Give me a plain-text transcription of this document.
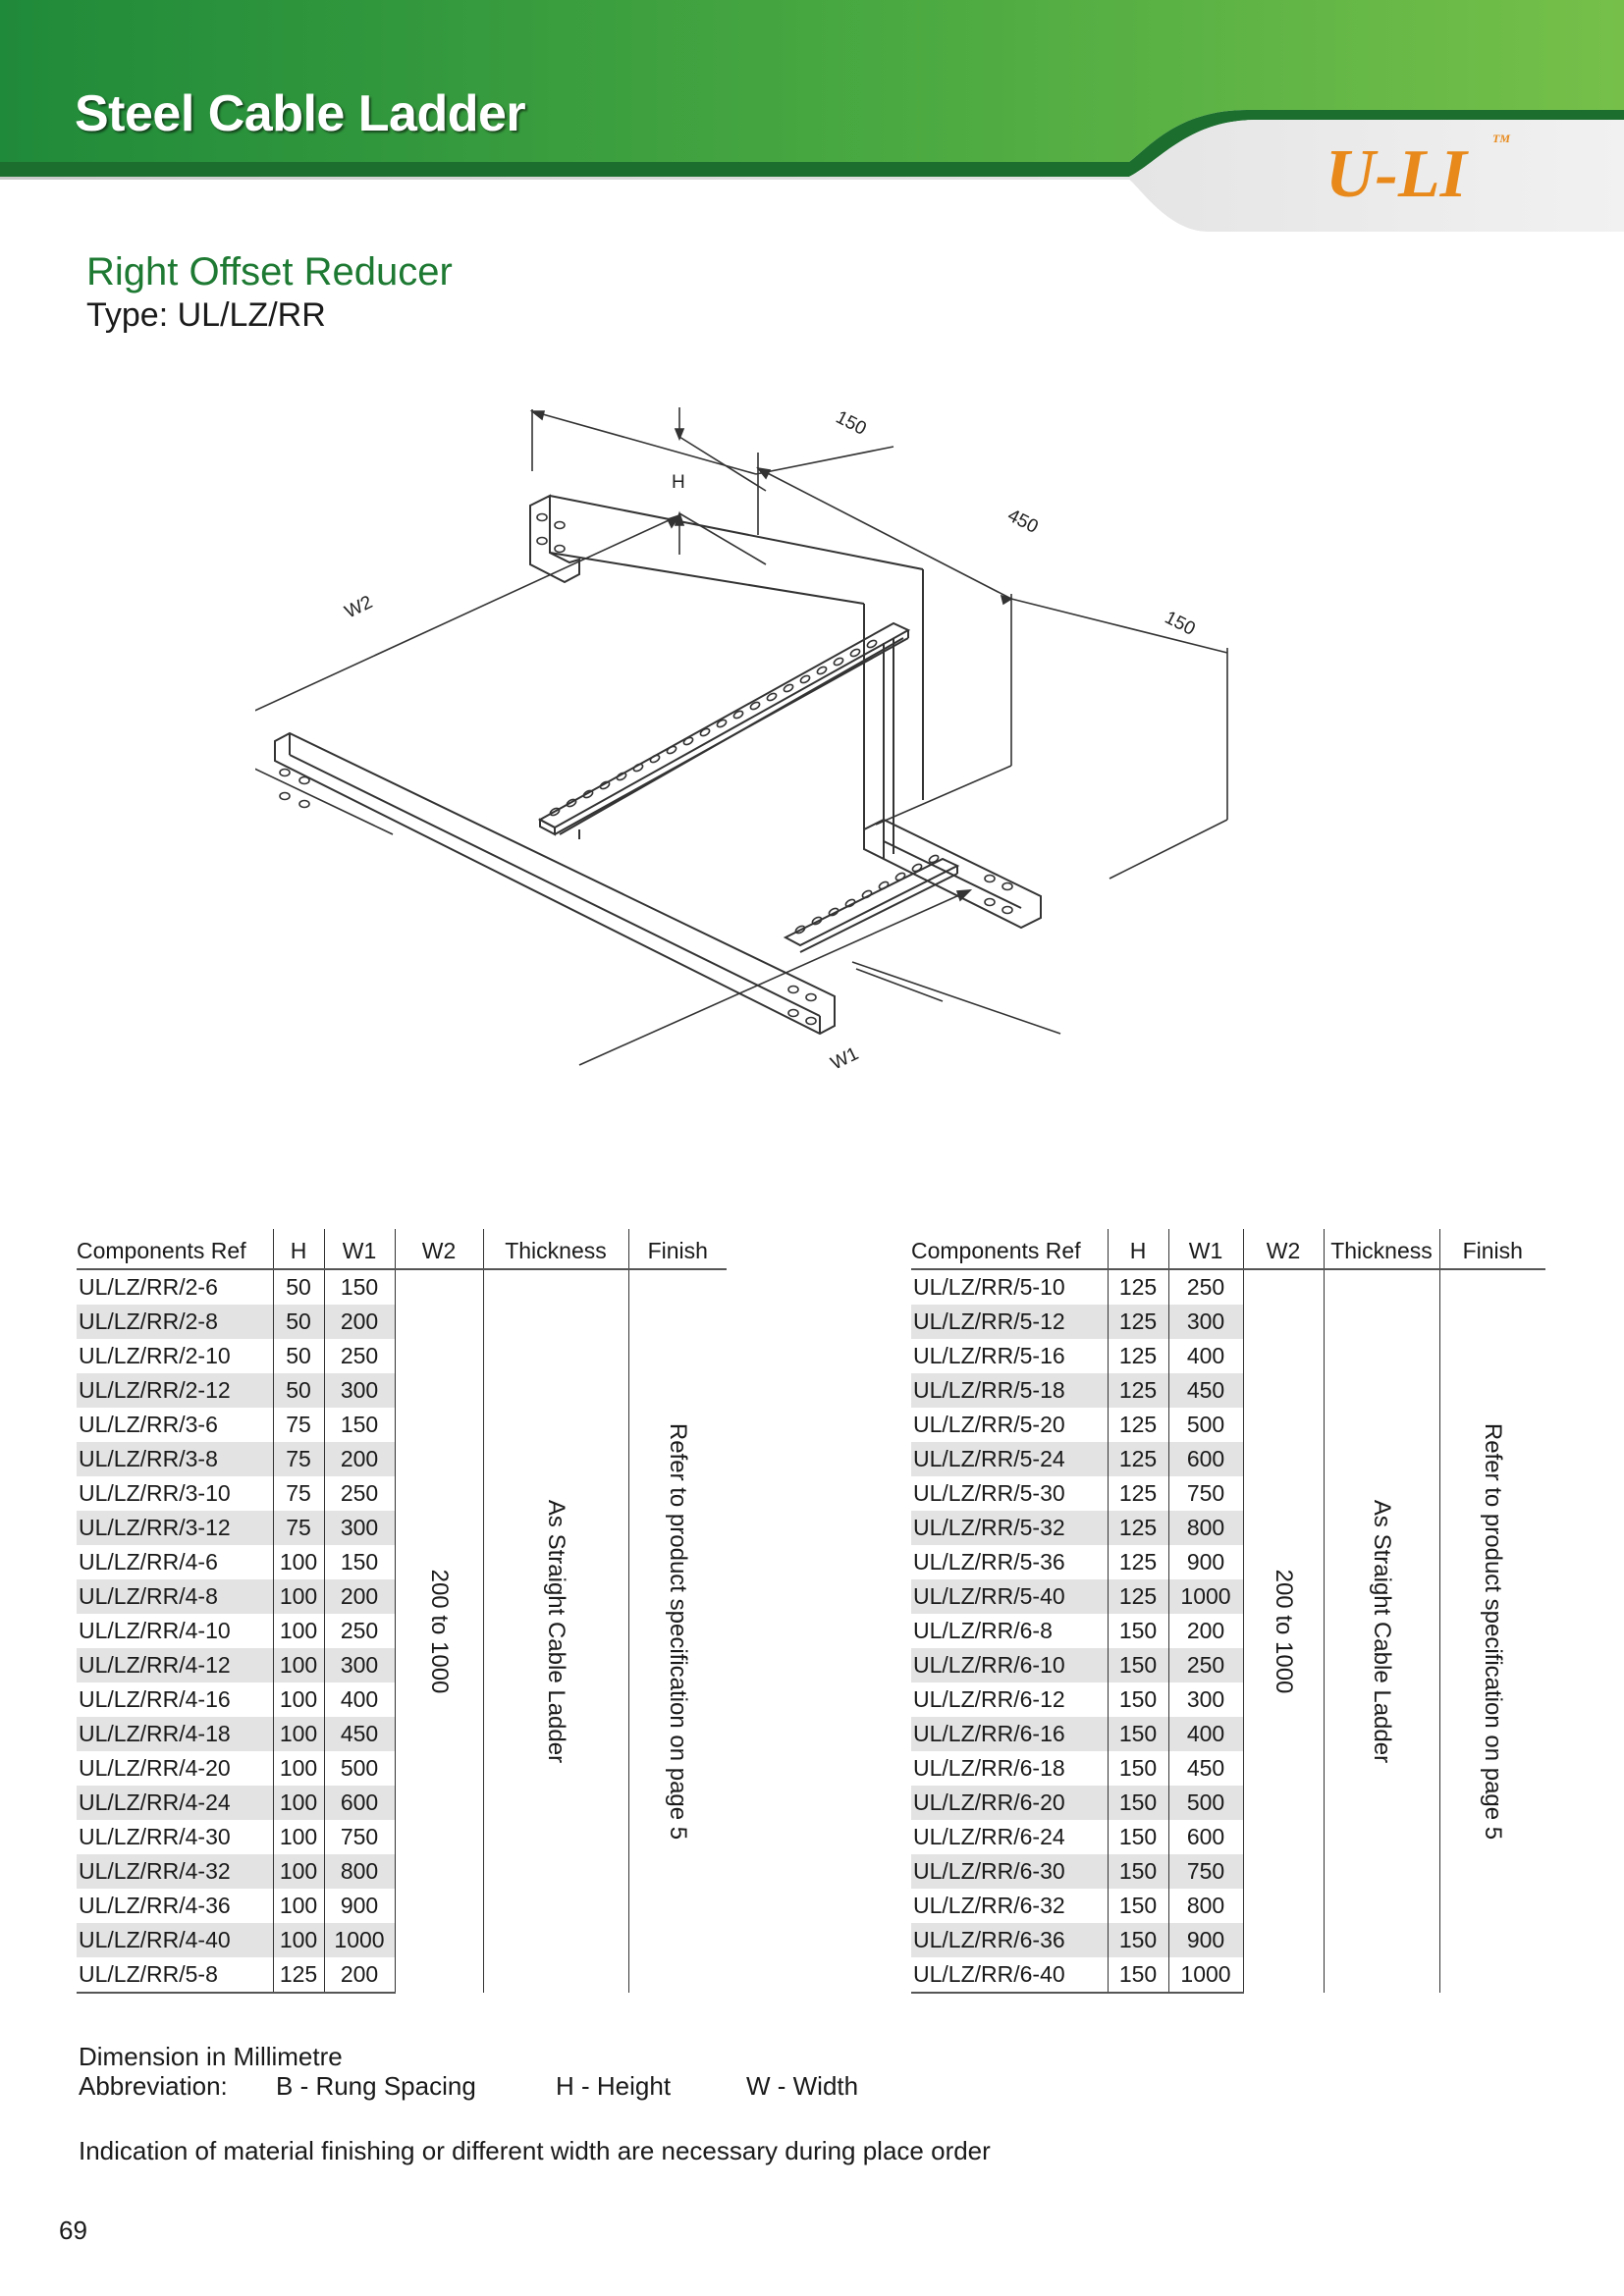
Steel Cable Ladder
U-LI TM
Right Offset Reducer
Type: UL/LZ/RR
H
W2
W1
150
450
150
Components Ref	H	W1	W2	Thickness	Finish
UL/LZ/RR/2-6	50	150	200 to 1000	As Straight Cable Ladder	Refer to product specification on page 5

UL/LZ/RR/2-8	50	200			
UL/LZ/RR/2-10	50	250			
UL/LZ/RR/2-12	50	300			
UL/LZ/RR/3-6	75	150			
UL/LZ/RR/3-8	75	200			
UL/LZ/RR/3-10	75	250			
UL/LZ/RR/3-12	75	300			
UL/LZ/RR/4-6	100	150			
UL/LZ/RR/4-8	100	200			
UL/LZ/RR/4-10	100	250			
UL/LZ/RR/4-12	100	300			
UL/LZ/RR/4-16	100	400			
UL/LZ/RR/4-18	100	450			
UL/LZ/RR/4-20	100	500			
UL/LZ/RR/4-24	100	600			
UL/LZ/RR/4-30	100	750			
UL/LZ/RR/4-32	100	800			
UL/LZ/RR/4-36	100	900			
UL/LZ/RR/4-40	100	1000			
UL/LZ/RR/5-8	125	200			
Components Ref	H	W1	W2	Thickness	Finish
UL/LZ/RR/5-10	125	250	200 to 1000	As Straight Cable Ladder	Refer to product specification on page 5

UL/LZ/RR/5-12	125	300			
UL/LZ/RR/5-16	125	400			
UL/LZ/RR/5-18	125	450			
UL/LZ/RR/5-20	125	500			
UL/LZ/RR/5-24	125	600			
UL/LZ/RR/5-30	125	750			
UL/LZ/RR/5-32	125	800			
UL/LZ/RR/5-36	125	900			
UL/LZ/RR/5-40	125	1000			
UL/LZ/RR/6-8	150	200			
UL/LZ/RR/6-10	150	250			
UL/LZ/RR/6-12	150	300			
UL/LZ/RR/6-16	150	400			
UL/LZ/RR/6-18	150	450			
UL/LZ/RR/6-20	150	500			
UL/LZ/RR/6-24	150	600			
UL/LZ/RR/6-30	150	750			
UL/LZ/RR/6-32	150	800			
UL/LZ/RR/6-36	150	900			
UL/LZ/RR/6-40	150	1000			
Dimension in Millimetre
Abbreviation: B - Rung Spacing	H - Height	W - Width
Indication of material finishing or different width are necessary during place order
69
